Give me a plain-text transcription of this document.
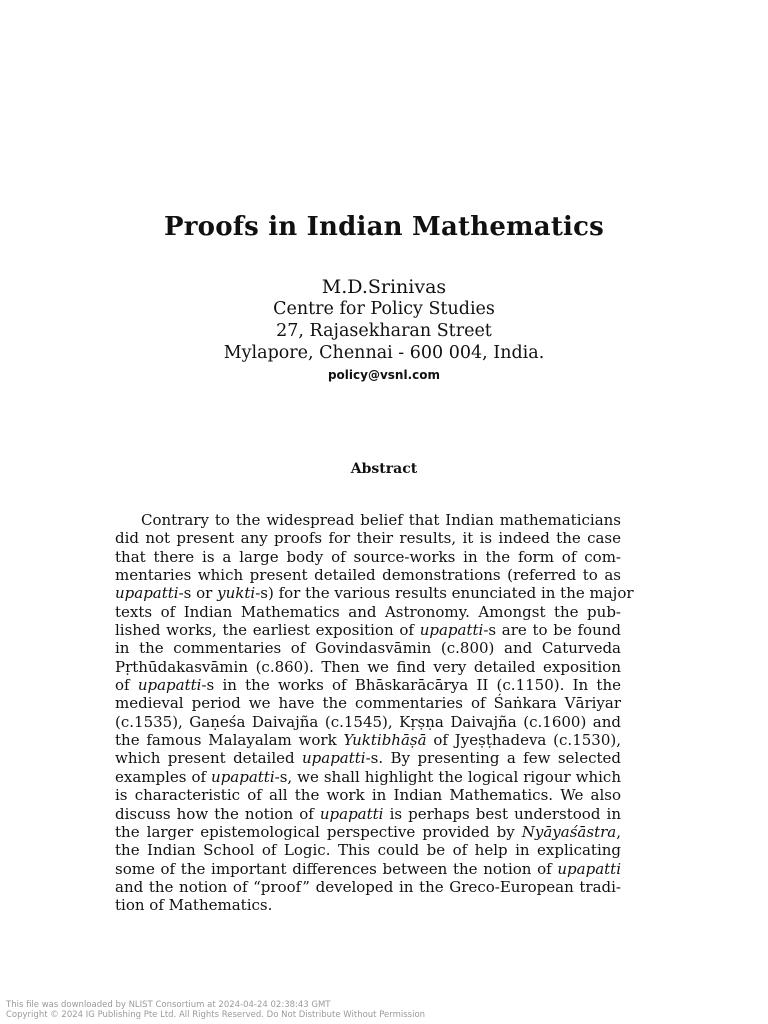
Proofs in Indian Mathematics
M.D.Srinivas
Centre for Policy Studies
27, Rajasekharan Street
Mylapore, Chennai - 600 004, India.
policy@vsnl.com
Abstract
Contrary to the widespread belief that Indian mathematicians
did not present any proofs for their results, it is indeed the case
that there is a large body of source-works in the form of com-
mentaries which present detailed demonstrations (referred to as
upapatti-s or yukti-s) for the various results enunciated in the major
texts of Indian Mathematics and Astronomy. Amongst the pub-
lished works, the earliest exposition of upapatti-s are to be found
in the commentaries of Govindasvāmin (c.800) and Caturveda
Pṛthūdakasvāmin (c.860). Then we find very detailed exposition
of upapatti-s in the works of Bhāskarācārya II (c.1150). In the
medieval period we have the commentaries of Śaṅkara Vāriyar
(c.1535), Gaṇeśa Daivajña (c.1545), Kṛṣṇa Daivajña (c.1600) and
the famous Malayalam work Yuktibhāṣā of Jyeṣṭhadeva (c.1530),
which present detailed upapatti-s. By presenting a few selected
examples of upapatti-s, we shall highlight the logical rigour which
is characteristic of all the work in Indian Mathematics. We also
discuss how the notion of upapatti is perhaps best understood in
the larger epistemological perspective provided by Nyāyaśāstra,
the Indian School of Logic. This could be of help in explicating
some of the important differences between the notion of upapatti
and the notion of “proof” developed in the Greco-European tradi-
tion of Mathematics.
This file was downloaded by NLIST Consortium at 2024-04-24 02:38:43 GMT
Copyright © 2024 IG Publishing Pte Ltd. All Rights Reserved. Do Not Distribute Without Permission
